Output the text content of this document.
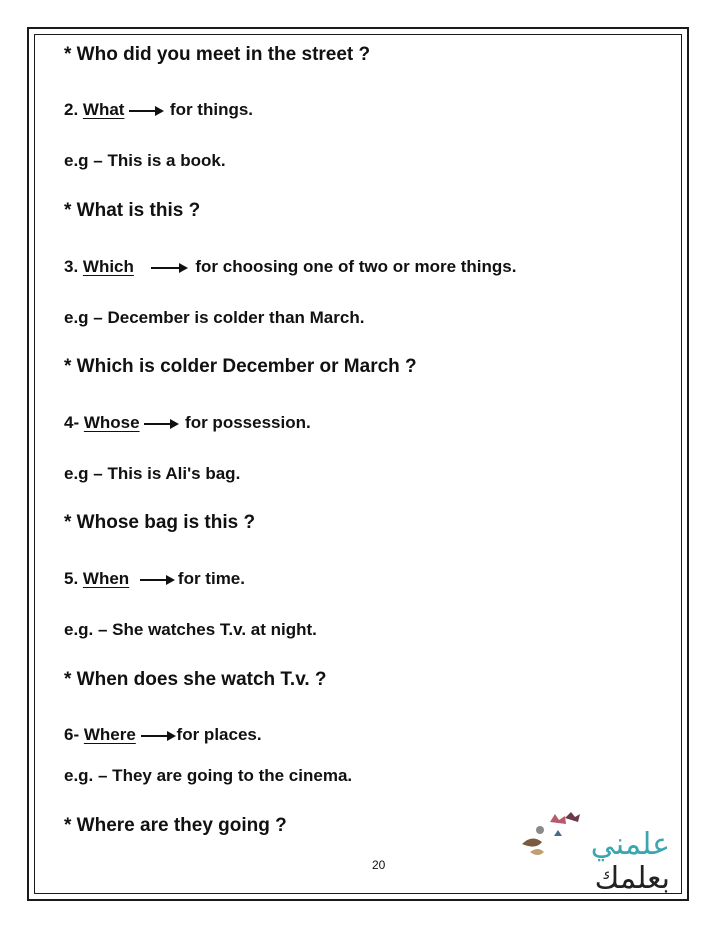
* Who did you meet in the street ?
2. What	for things.
e.g – This is a book.
* What is this ?
3. Which	for choosing one of two or more things.
e.g – December is colder than March.
* Which is colder December or March ?
4- Whose	for possession.
e.g – This is Ali's bag.
* Whose bag is this ?
5. When	for time.
e.g. – She watches T.v. at night.
* When does she watch T.v. ?
6- Where for places.
e.g. – They are going to the cinema.
* Where are they going ?
20
علمني
بعلمك
